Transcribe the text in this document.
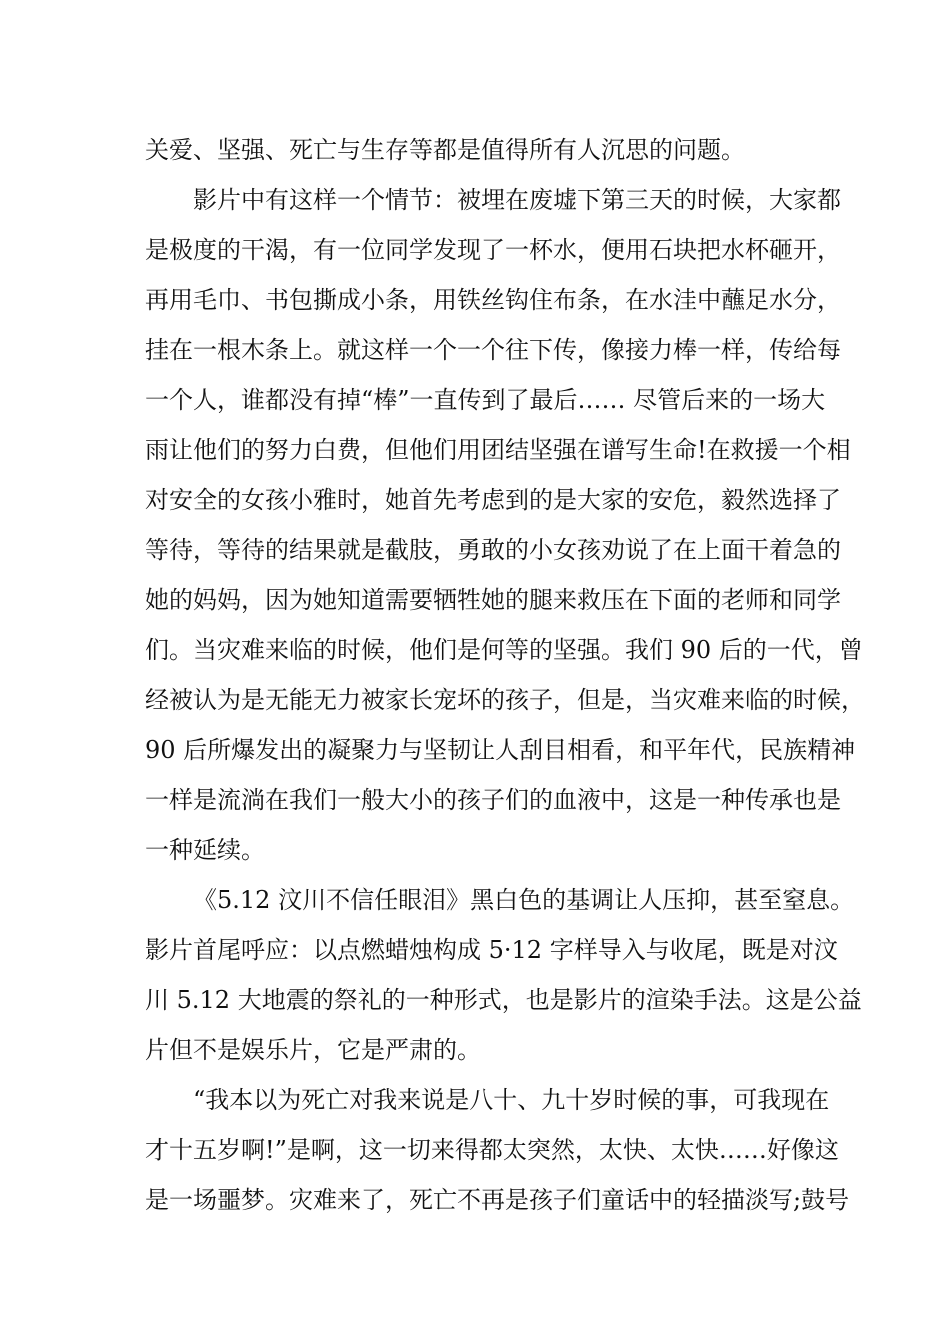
关爱、坚强、死亡与生存等都是值得所有人沉思的问题。
影片中有这样一个情节：被埋在废墟下第三天的时候，大家都
是极度的干渴，有一位同学发现了一杯水，便用石块把水杯砸开，
再用毛巾、书包撕成小条，用铁丝钩住布条，在水洼中蘸足水分，
挂在一根木条上。就这样一个一个往下传，像接力棒一样，传给每
一个人，谁都没有掉“棒”一直传到了最后…… 尽管后来的一场大
雨让他们的努力白费，但他们用团结坚强在谱写生命!在救援一个相
对安全的女孩小雅时，她首先考虑到的是大家的安危，毅然选择了
等待，等待的结果就是截肢，勇敢的小女孩劝说了在上面干着急的
她的妈妈，因为她知道需要牺牲她的腿来救压在下面的老师和同学
们。当灾难来临的时候，他们是何等的坚强。我们 90 后的一代，曾
经被认为是无能无力被家长宠坏的孩子，但是，当灾难来临的时候，
90 后所爆发出的凝聚力与坚韧让人刮目相看，和平年代，民族精神
一样是流淌在我们一般大小的孩子们的血液中，这是一种传承也是
一种延续。
《5.12 汶川不信任眼泪》黑白色的基调让人压抑，甚至窒息。
影片首尾呼应：以点燃蜡烛构成 5·12 字样导入与收尾，既是对汶
川 5.12 大地震的祭礼的一种形式，也是影片的渲染手法。这是公益
片但不是娱乐片，它是严肃的。
“我本以为死亡对我来说是八十、九十岁时候的事，可我现在
才十五岁啊!”是啊，这一切来得都太突然，太快、太快……好像这
是一场噩梦。灾难来了，死亡不再是孩子们童话中的轻描淡写;鼓号
